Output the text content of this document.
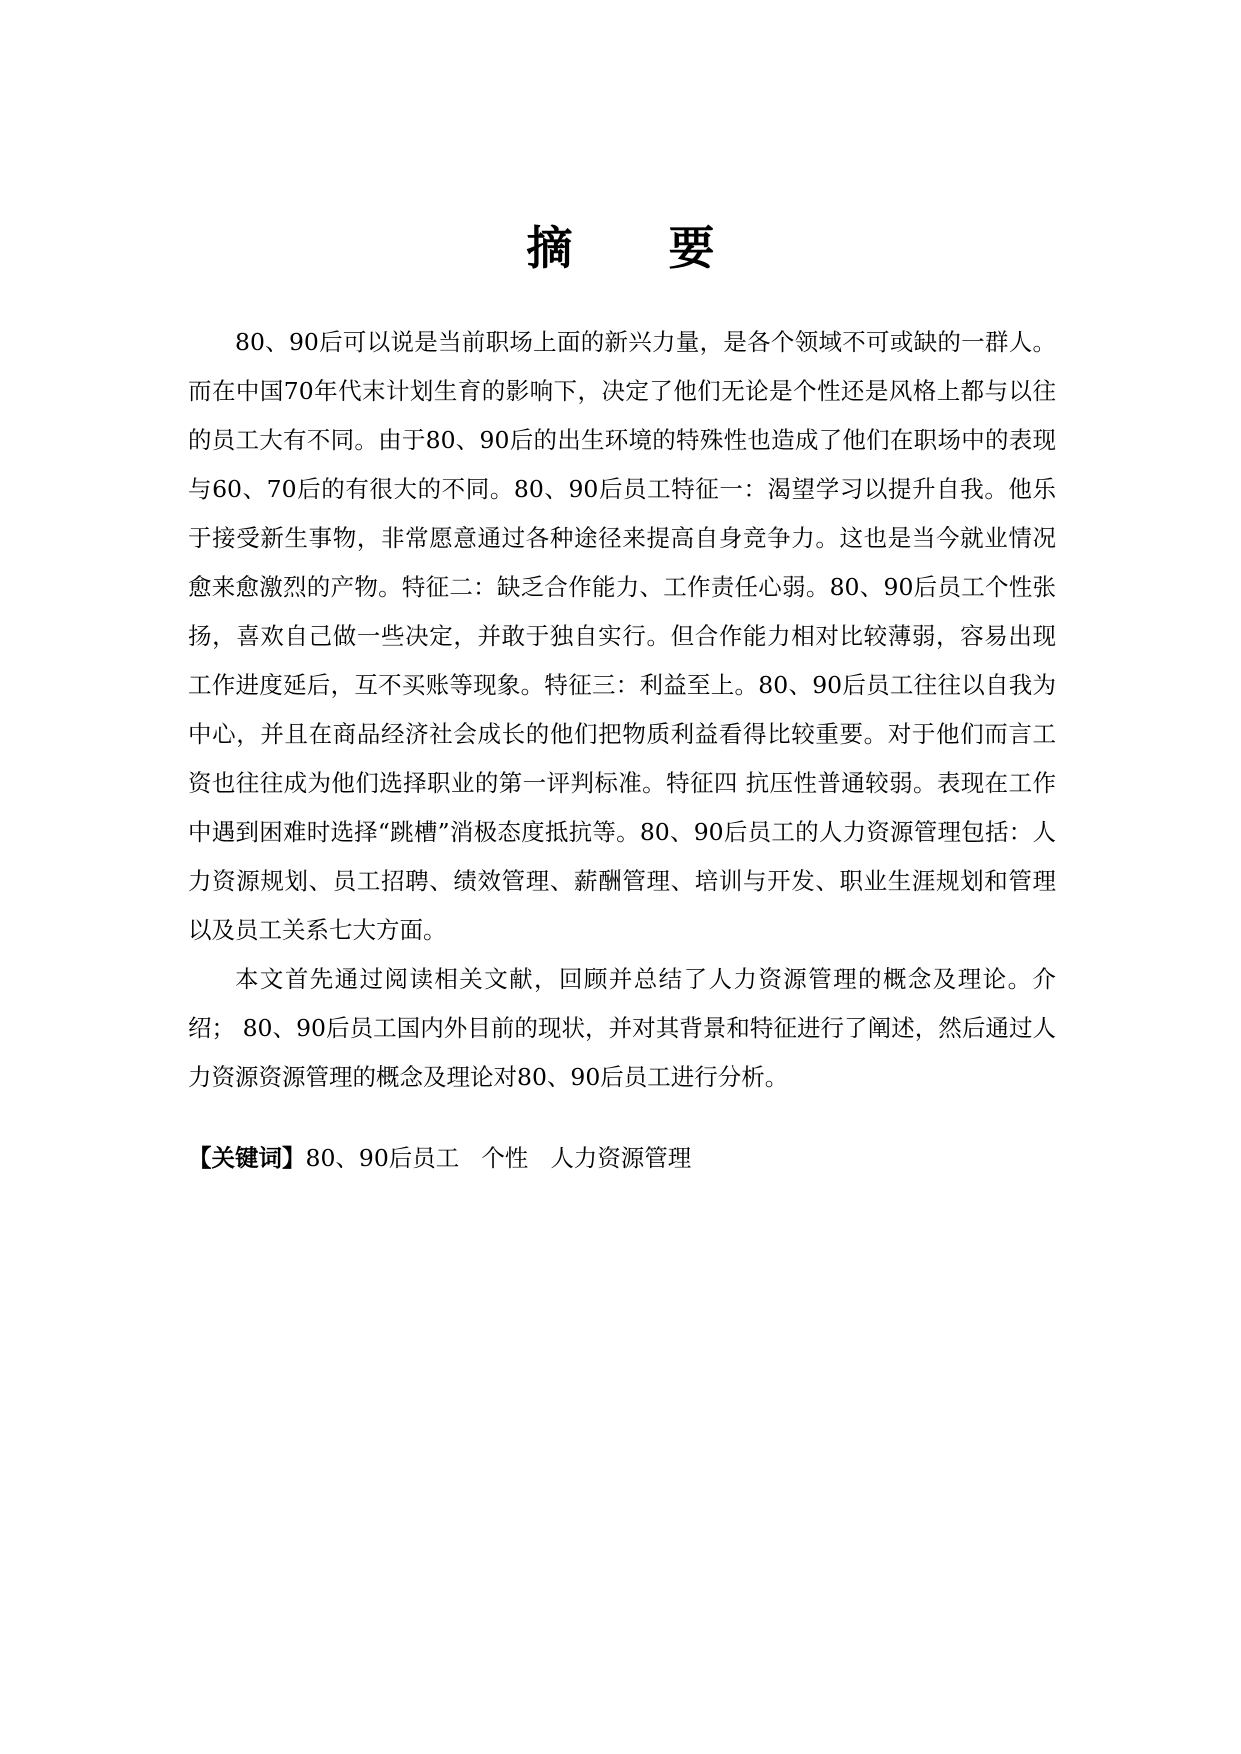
摘 要

80、90后可以说是当前职场上面的新兴力量，是各个领域不可或缺的一群人。而在中国70年代末计划生育的影响下，决定了他们无论是个性还是风格上都与以往的员工大有不同。由于80、90后的出生环境的特殊性也造成了他们在职场中的表现与60、70后的有很大的不同。80、90后员工特征一：渴望学习以提升自我。他乐于接受新生事物，非常愿意通过各种途径来提高自身竞争力。这也是当今就业情况愈来愈激烈的产物。特征二：缺乏合作能力、工作责任心弱。80、90后员工个性张扬，喜欢自己做一些决定，并敢于独自实行。但合作能力相对比较薄弱，容易出现工作进度延后，互不买账等现象。特征三：利益至上。80、90后员工往往以自我为中心，并且在商品经济社会成长的他们把物质利益看得比较重要。对于他们而言工资也往往成为他们选择职业的第一评判标准。特征四 抗压性普通较弱。表现在工作中遇到困难时选择“跳槽”消极态度抵抗等。80、90后员工的人力资源管理包括：人力资源规划、员工招聘、绩效管理、薪酬管理、培训与开发、职业生涯规划和管理以及员工关系七大方面。

本文首先通过阅读相关文献，回顾并总结了人力资源管理的概念及理论。介绍； 80、90后员工国内外目前的现状，并对其背景和特征进行了阐述，然后通过人力资源资源管理的概念及理论对80、90后员工进行分析。

【关键词】80、90后员工 个性 人力资源管理
